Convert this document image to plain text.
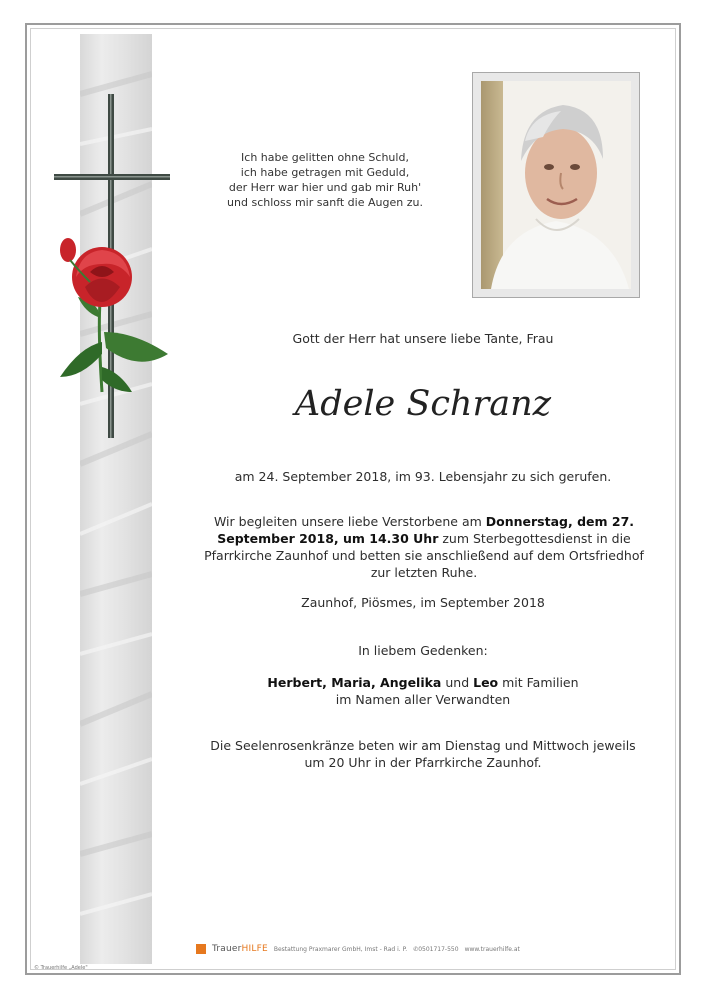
Ich habe gelitten ohne Schuld,
ich habe getragen mit Geduld,
der Herr war hier und gab mir Ruh'
und schloss mir sanft die Augen zu.
Gott der Herr hat unsere liebe Tante, Frau
Adele Schranz
am 24. September 2018, im 93. Lebensjahr zu sich gerufen.
Wir begleiten unsere liebe Verstorbene am Donnerstag, dem 27. September 2018, um 14.30 Uhr zum Sterbegottesdienst in die Pfarrkirche Zaunhof und betten sie anschließend auf dem Ortsfriedhof zur letzten Ruhe.
Zaunhof, Piösmes, im September 2018
In liebem Gedenken:
Herbert, Maria, Angelika und Leo mit Familien
im Namen aller Verwandten
Die Seelenrosenkränze beten wir am Dienstag und Mittwoch jeweils
um 20 Uhr in der Pfarrkirche Zaunhof.
TrauerHILFE Bestattung Praxmarer GmbH, Imst - Rad i. P. ✆0501717-550 www.trauerhilfe.at
© Trauerhilfe „Adele"
